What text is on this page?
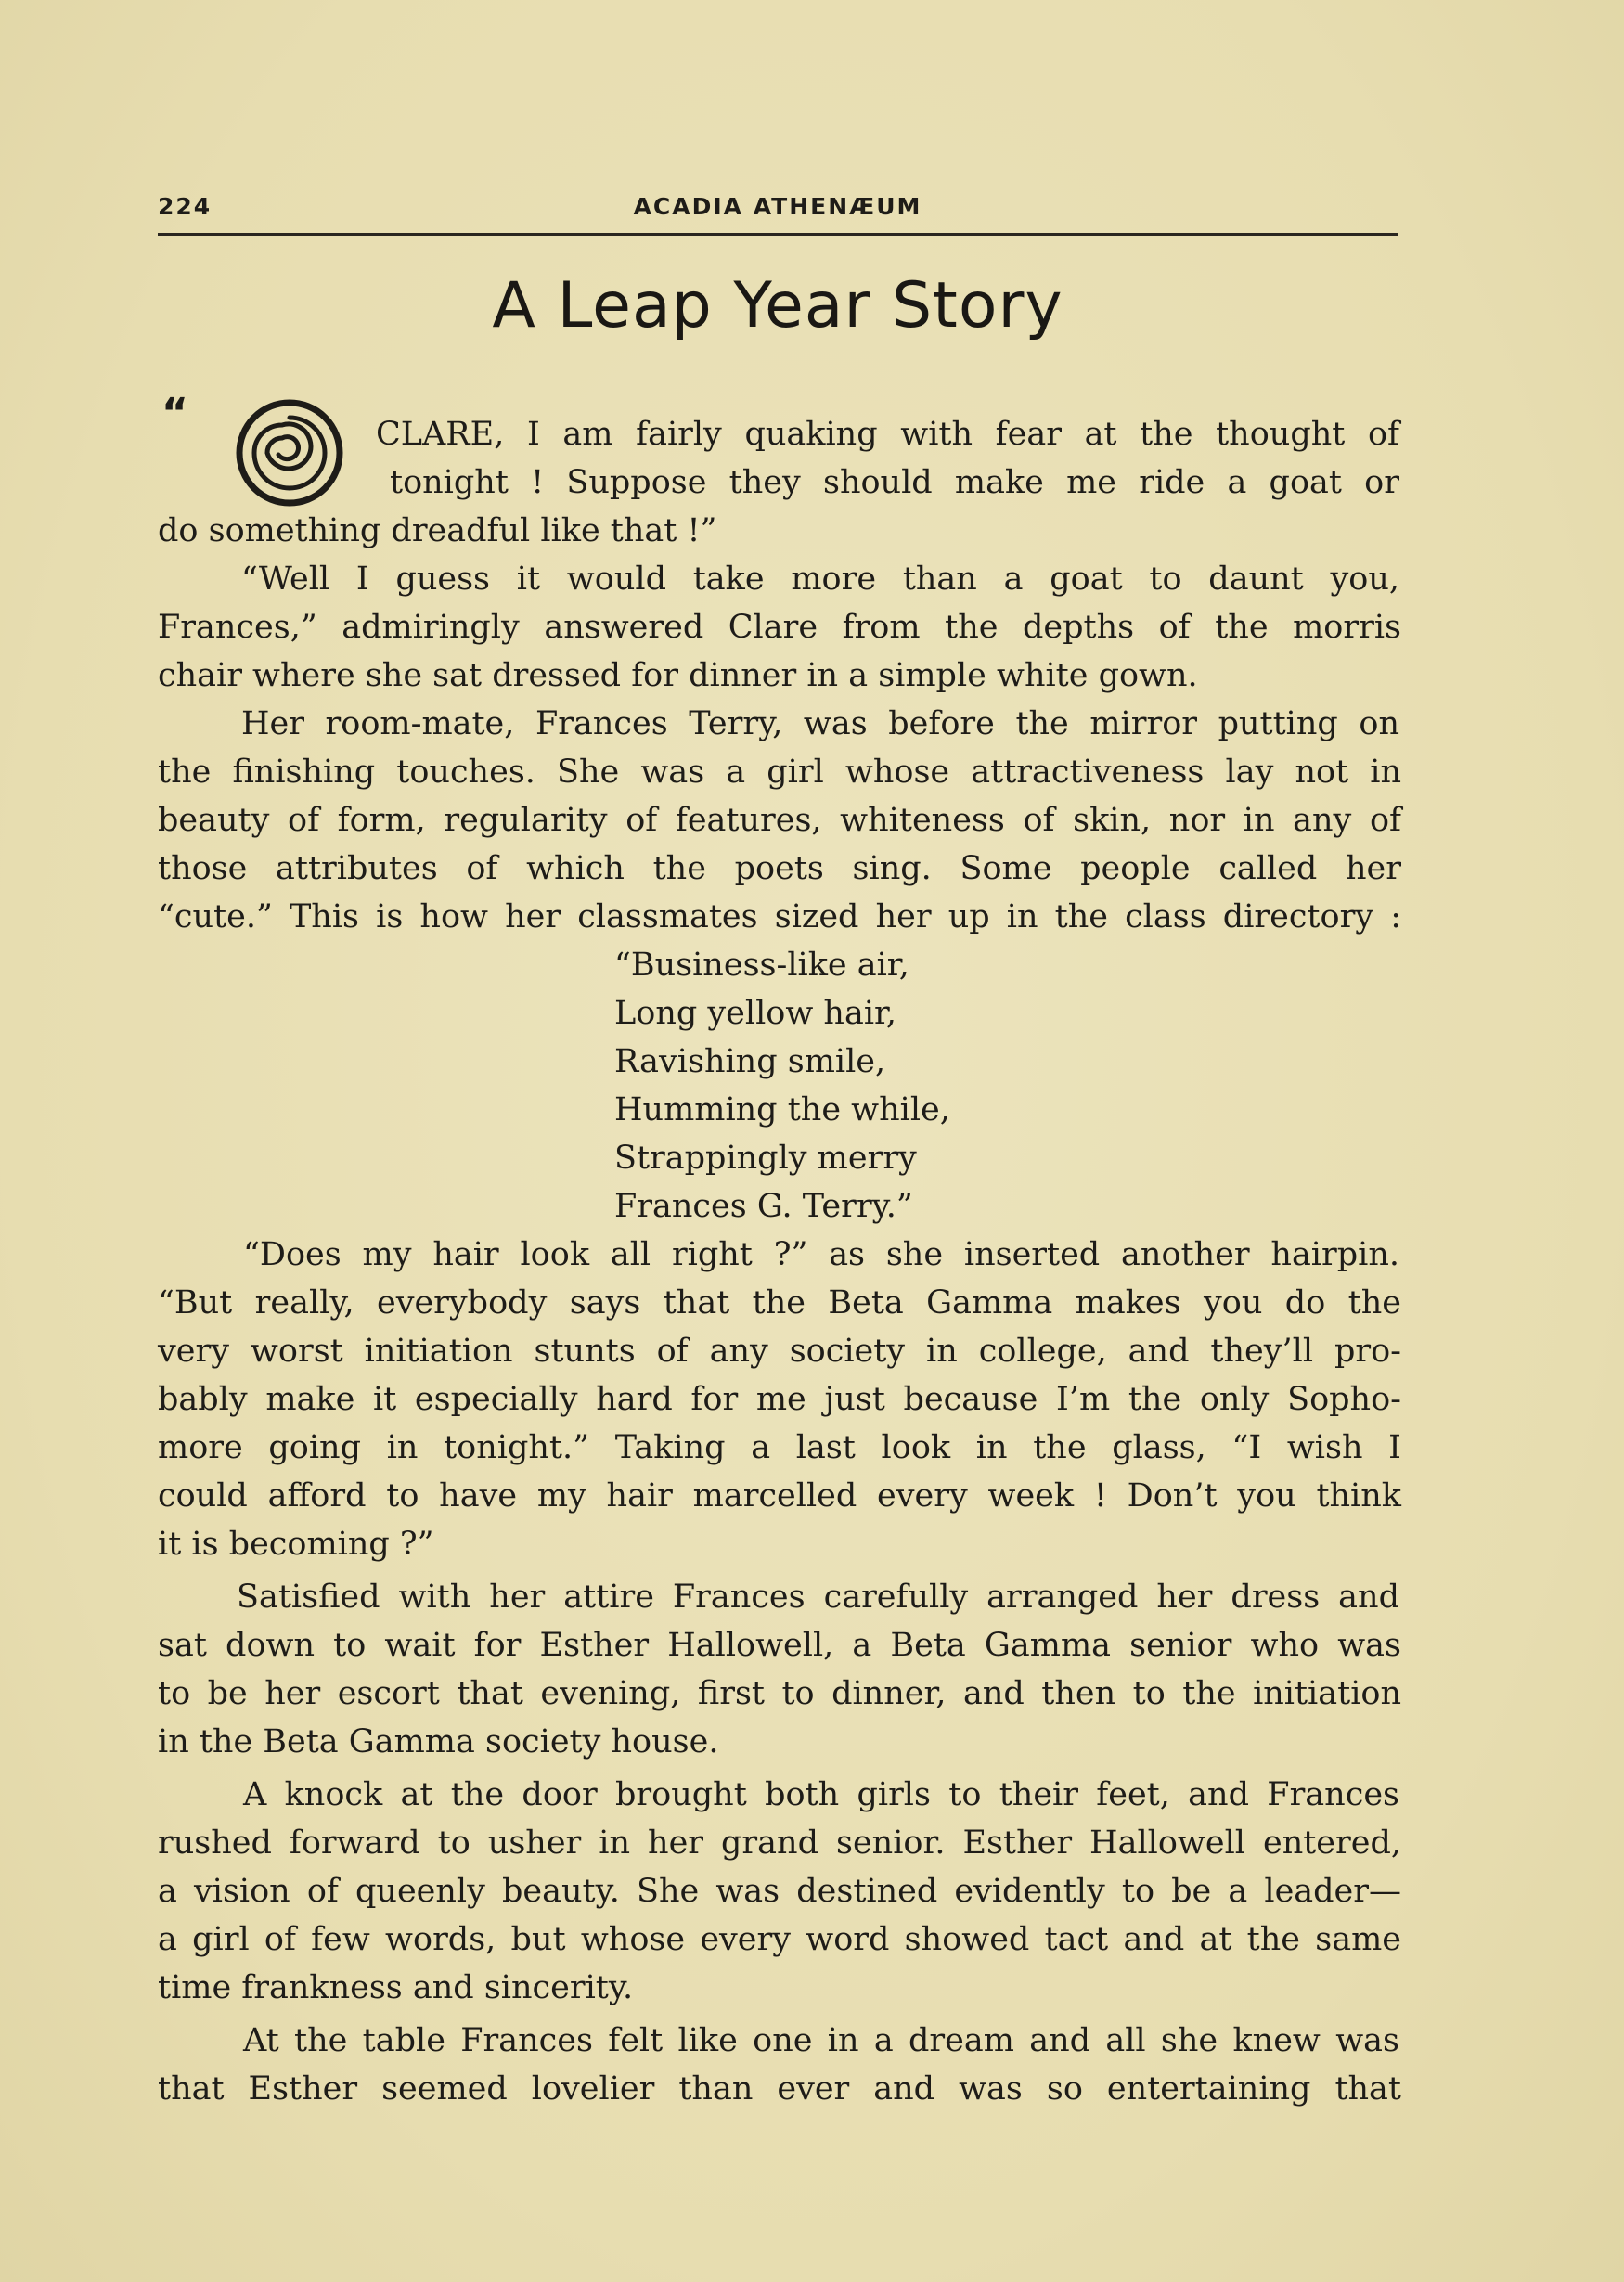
224	ACADIA ATHENÆUM
A Leap Year Story
“	CLARE, I am fairly quaking with fear at the thought of
tonight ! Suppose they should make me ride a goat or
do something dreadful like that !”
“Well I guess it would take more than a goat to daunt you,
Frances,” admiringly answered Clare from the depths of the morris
chair where she sat dressed for dinner in a simple white gown.
Her room-mate, Frances Terry, was before the mirror putting on
the finishing touches. She was a girl whose attractiveness lay not in
beauty of form, regularity of features, whiteness of skin, nor in any of
those attributes of which the poets sing. Some people called her
“cute.” This is how her classmates sized her up in the class directory :
“Business-like air,
Long yellow hair,
Ravishing smile,
Humming the while,
Strappingly merry
Frances G. Terry.”
“Does my hair look all right ?” as she inserted another hairpin.
“But really, everybody says that the Beta Gamma makes you do the
very worst initiation stunts of any society in college, and they’ll pro-
bably make it especially hard for me just because I’m the only Sopho-
more going in tonight.” Taking a last look in the glass, “I wish I
could afford to have my hair marcelled every week ! Don’t you think
it is becoming ?”
Satisfied with her attire Frances carefully arranged her dress and
sat down to wait for Esther Hallowell, a Beta Gamma senior who was
to be her escort that evening, first to dinner, and then to the initiation
in the Beta Gamma society house.
A knock at the door brought both girls to their feet, and Frances
rushed forward to usher in her grand senior. Esther Hallowell entered,
a vision of queenly beauty. She was destined evidently to be a leader—
a girl of few words, but whose every word showed tact and at the same
time frankness and sincerity.
At the table Frances felt like one in a dream and all she knew was
that Esther seemed lovelier than ever and was so entertaining that
